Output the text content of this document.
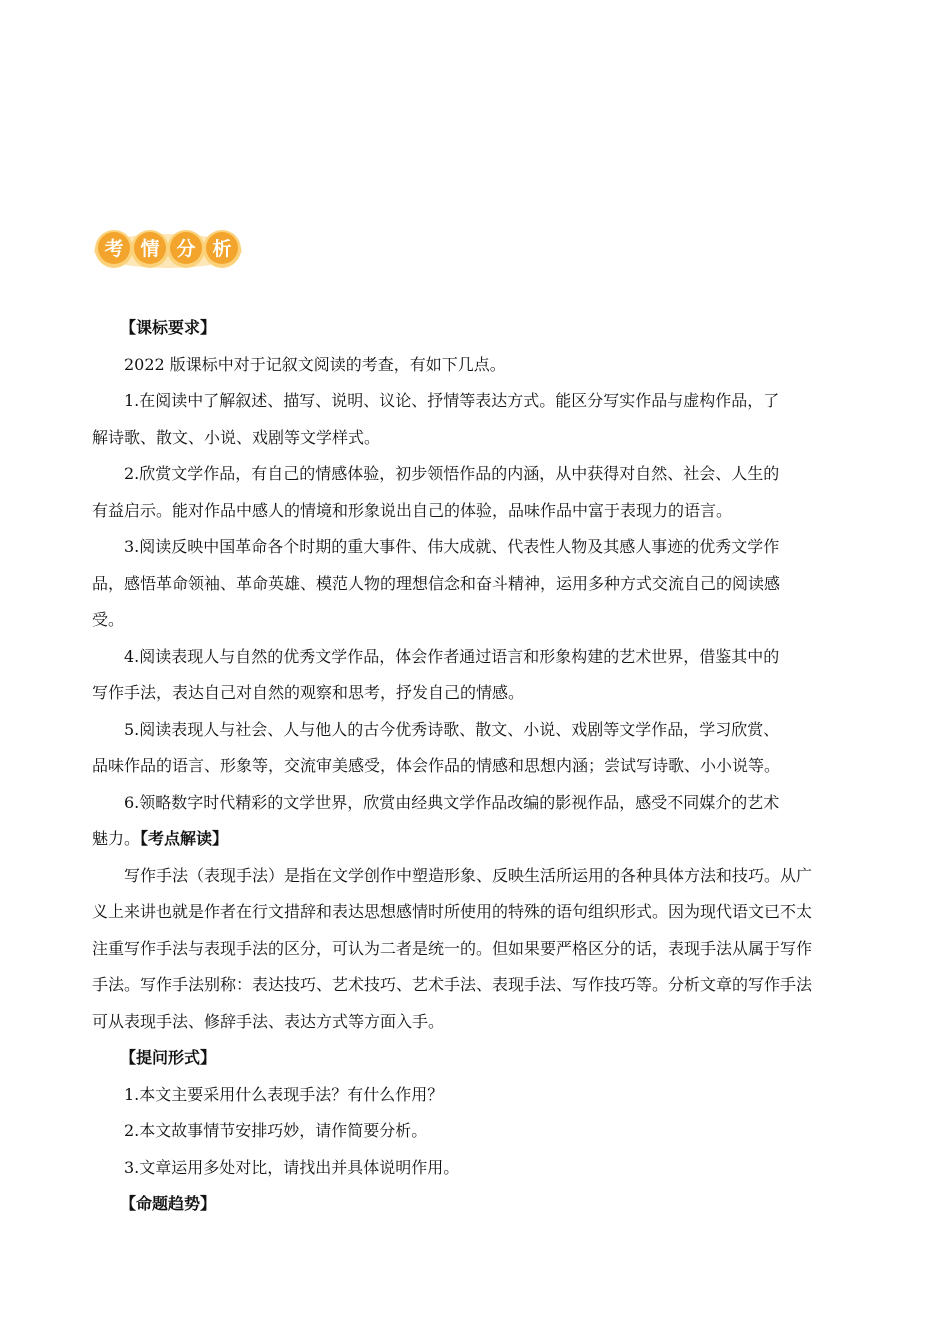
考 情 分 析
【课标要求】
2022 版课标中对于记叙文阅读的考查，有如下几点。
1.在阅读中了解叙述、描写、说明、议论、抒情等表达方式。能区分写实作品与虚构作品，了
解诗歌、散文、小说、戏剧等文学样式。
2.欣赏文学作品，有自己的情感体验，初步领悟作品的内涵，从中获得对自然、社会、人生的
有益启示。能对作品中感人的情境和形象说出自己的体验，品味作品中富于表现力的语言。
3.阅读反映中国革命各个时期的重大事件、伟大成就、代表性人物及其感人事迹的优秀文学作
品，感悟革命领袖、革命英雄、模范人物的理想信念和奋斗精神，运用多种方式交流自己的阅读感
受。
4.阅读表现人与自然的优秀文学作品，体会作者通过语言和形象构建的艺术世界，借鉴其中的
写作手法，表达自己对自然的观察和思考，抒发自己的情感。
5.阅读表现人与社会、人与他人的古今优秀诗歌、散文、小说、戏剧等文学作品，学习欣赏、
品味作品的语言、形象等，交流审美感受，体会作品的情感和思想内涵；尝试写诗歌、小小说等。
6.领略数字时代精彩的文学世界，欣赏由经典文学作品改编的影视作品，感受不同媒介的艺术
魅力。【考点解读】
写作手法（表现手法）是指在文学创作中塑造形象、反映生活所运用的各种具体方法和技巧。从广
义上来讲也就是作者在行文措辞和表达思想感情时所使用的特殊的语句组织形式。因为现代语文已不太
注重写作手法与表现手法的区分，可认为二者是统一的。但如果要严格区分的话，表现手法从属于写作
手法。写作手法别称：表达技巧、艺术技巧、艺术手法、表现手法、写作技巧等。分析文章的写作手法
可从表现手法、修辞手法、表达方式等方面入手。
【提问形式】
1.本文主要采用什么表现手法？有什么作用？
2.本文故事情节安排巧妙，请作简要分析。
3.文章运用多处对比，请找出并具体说明作用。
【命题趋势】
